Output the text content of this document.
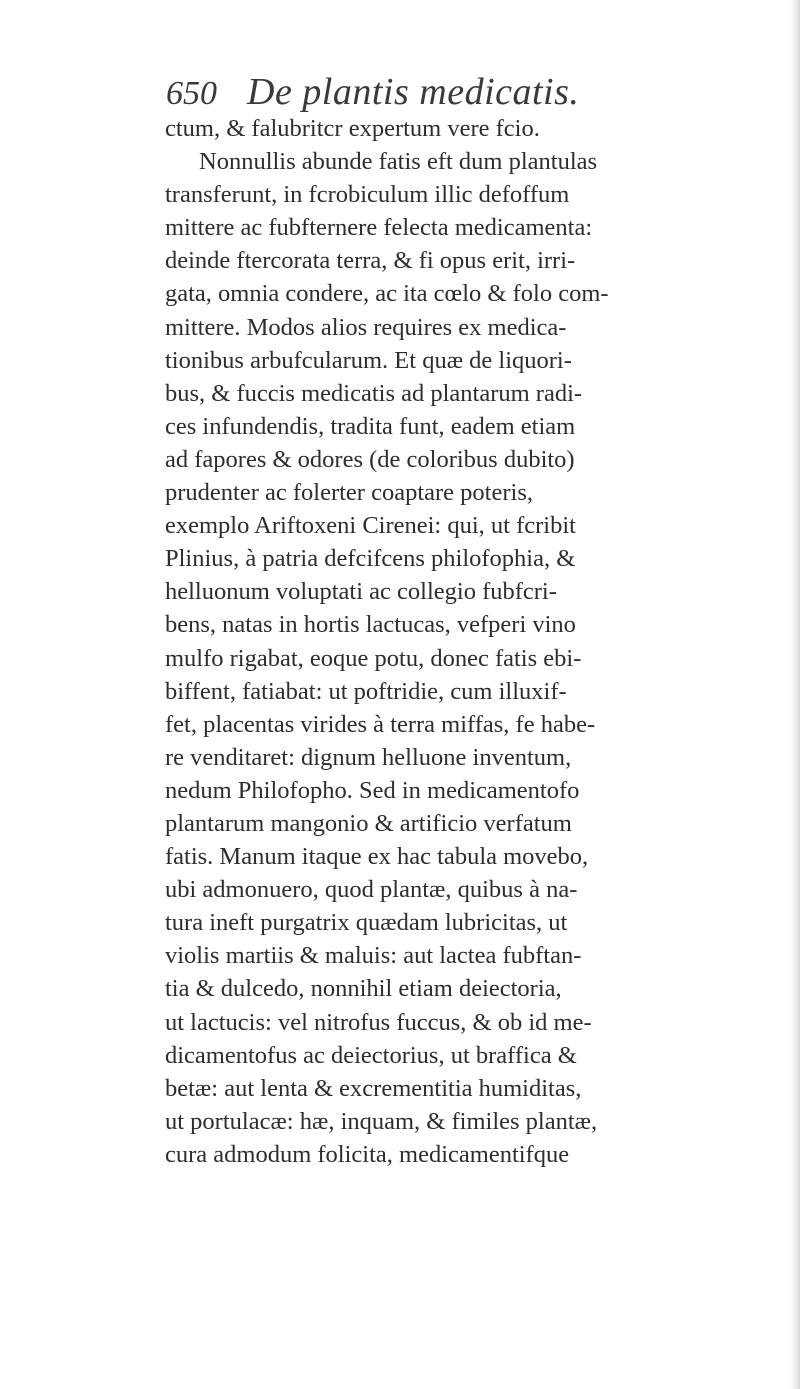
650 De plantis medicatis.
ctum, & falubritcr expertum vere fcio.
Nonnullis abunde fatis eft dum plantulas
transferunt, in fcrobiculum illic defoffum
mittere ac fubfternere felecta medicamenta:
deinde ftercorata terra, & fi opus erit, irri-
gata, omnia condere, ac ita cœlo & folo com-
mittere. Modos alios requires ex medica-
tionibus arbufcularum. Et quæ de liquori-
bus, & fuccis medicatis ad plantarum radi-
ces infundendis, tradita funt, eadem etiam
ad fapores & odores (de coloribus dubito)
prudenter ac folerter coaptare poteris,
exemplo Ariftoxeni Cirenei: qui, ut fcribit
Plinius, à patria defcifcens philofophia, &
helluonum voluptati ac collegio fubfcri-
bens, natas in hortis lactucas, vefperi vino
mulfo rigabat, eoque potu, donec fatis ebi-
biffent, fatiabat: ut poftridie, cum illuxif-
fet, placentas virides à terra miffas, fe habe-
re venditaret: dignum helluone inventum,
nedum Philofopho. Sed in medicamentofo
plantarum mangonio & artificio verfatum
fatis. Manum itaque ex hac tabula movebo,
ubi admonuero, quod plantæ, quibus à na-
tura ineft purgatrix quædam lubricitas, ut
violis martiis & maluis: aut lactea fubftan-
tia & dulcedo, nonnihil etiam deiectoria,
ut lactucis: vel nitrofus fuccus, & ob id me-
dicamentofus ac deiectorius, ut braffica &
betæ: aut lenta & excrementitia humiditas,
ut portulacæ: hæ, inquam, & fimiles plantæ,
cura admodum folicita, medicamentifque
